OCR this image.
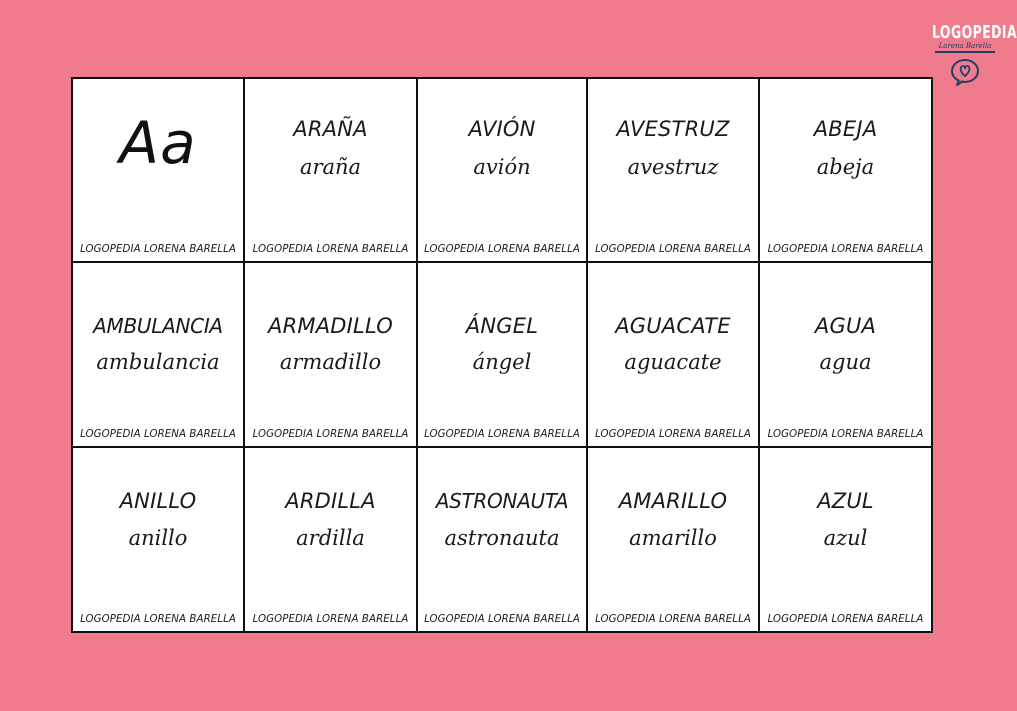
LOGOPEDIA
Lorena Barella
Aa
LOGOPEDIA LORENA BARELLA
ARAÑA
araña
LOGOPEDIA LORENA BARELLA
AVIÓN
avión
LOGOPEDIA LORENA BARELLA
AVESTRUZ
avestruz
LOGOPEDIA LORENA BARELLA
ABEJA
abeja
LOGOPEDIA LORENA BARELLA
AMBULANCIA
ambulancia
LOGOPEDIA LORENA BARELLA
ARMADILLO
armadillo
LOGOPEDIA LORENA BARELLA
ÁNGEL
ángel
LOGOPEDIA LORENA BARELLA
AGUACATE
aguacate
LOGOPEDIA LORENA BARELLA
AGUA
agua
LOGOPEDIA LORENA BARELLA
ANILLO
anillo
LOGOPEDIA LORENA BARELLA
ARDILLA
ardilla
LOGOPEDIA LORENA BARELLA
ASTRONAUTA
astronauta
LOGOPEDIA LORENA BARELLA
AMARILLO
amarillo
LOGOPEDIA LORENA BARELLA
AZUL
azul
LOGOPEDIA LORENA BARELLA
